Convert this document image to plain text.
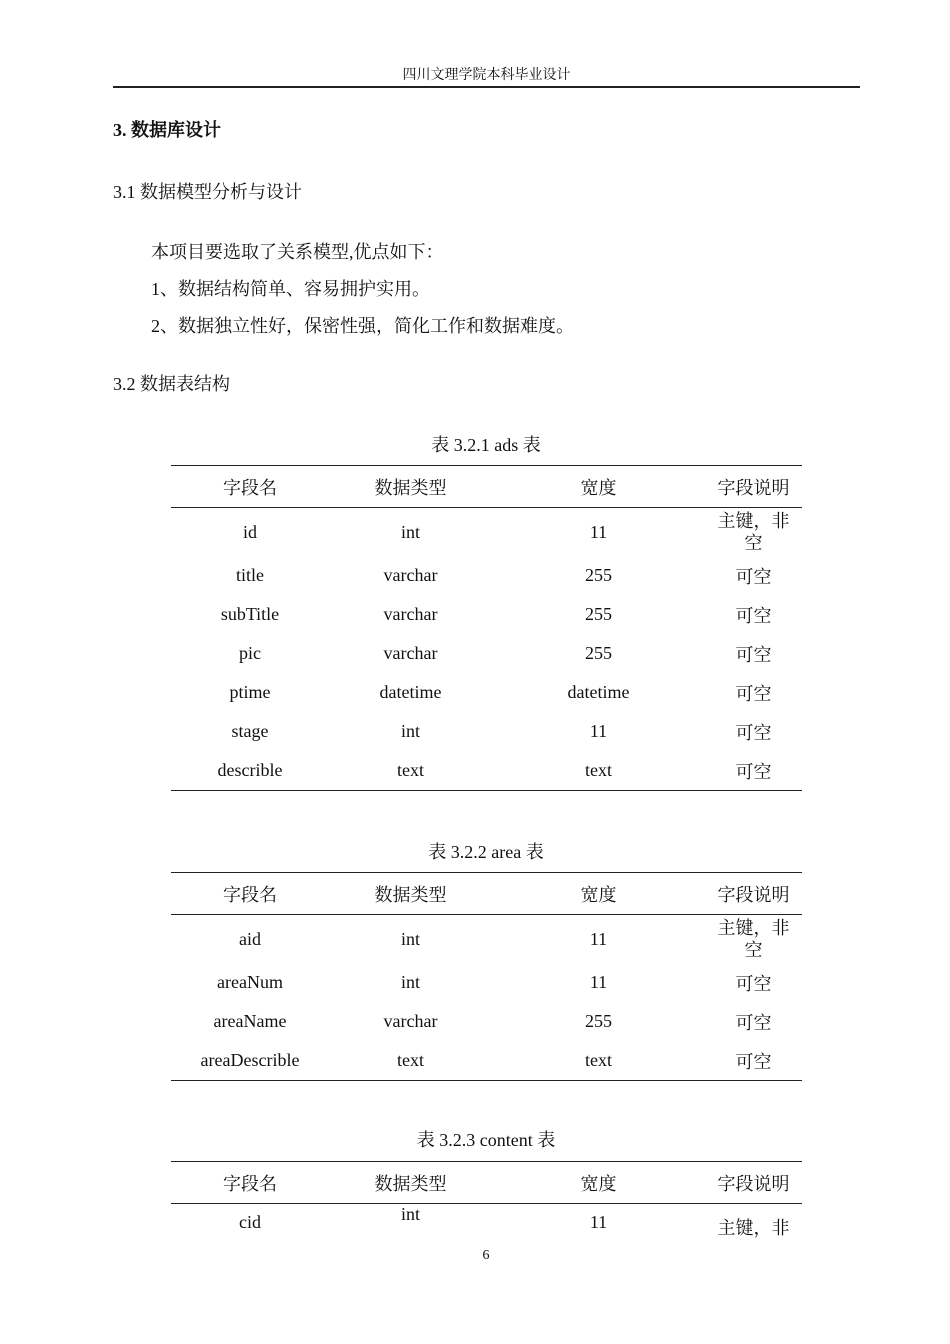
四川文理学院本科毕业设计
3. 数据库设计
3.1 数据模型分析与设计
本项目要选取了关系模型,优点如下：
1、数据结构简单、容易拥护实用。
2、数据独立性好，保密性强，简化工作和数据难度。
3.2 数据表结构
表 3.2.1 ads 表
字段名	数据类型	宽度	字段说明
id	int	11	主键，非空
title	varchar	255	可空
subTitle	varchar	255	可空
pic	varchar	255	可空
ptime	datetime	datetime	可空
stage	int	11	可空
describle	text	text	可空
表 3.2.2 area 表
字段名	数据类型	宽度	字段说明
aid	int	11	主键，非空
areaNum	int	11	可空
areaName	varchar	255	可空
areaDescrible	text	text	可空
表 3.2.3 content 表
字段名	数据类型	宽度	字段说明
cid	int	11	主键，非
6
